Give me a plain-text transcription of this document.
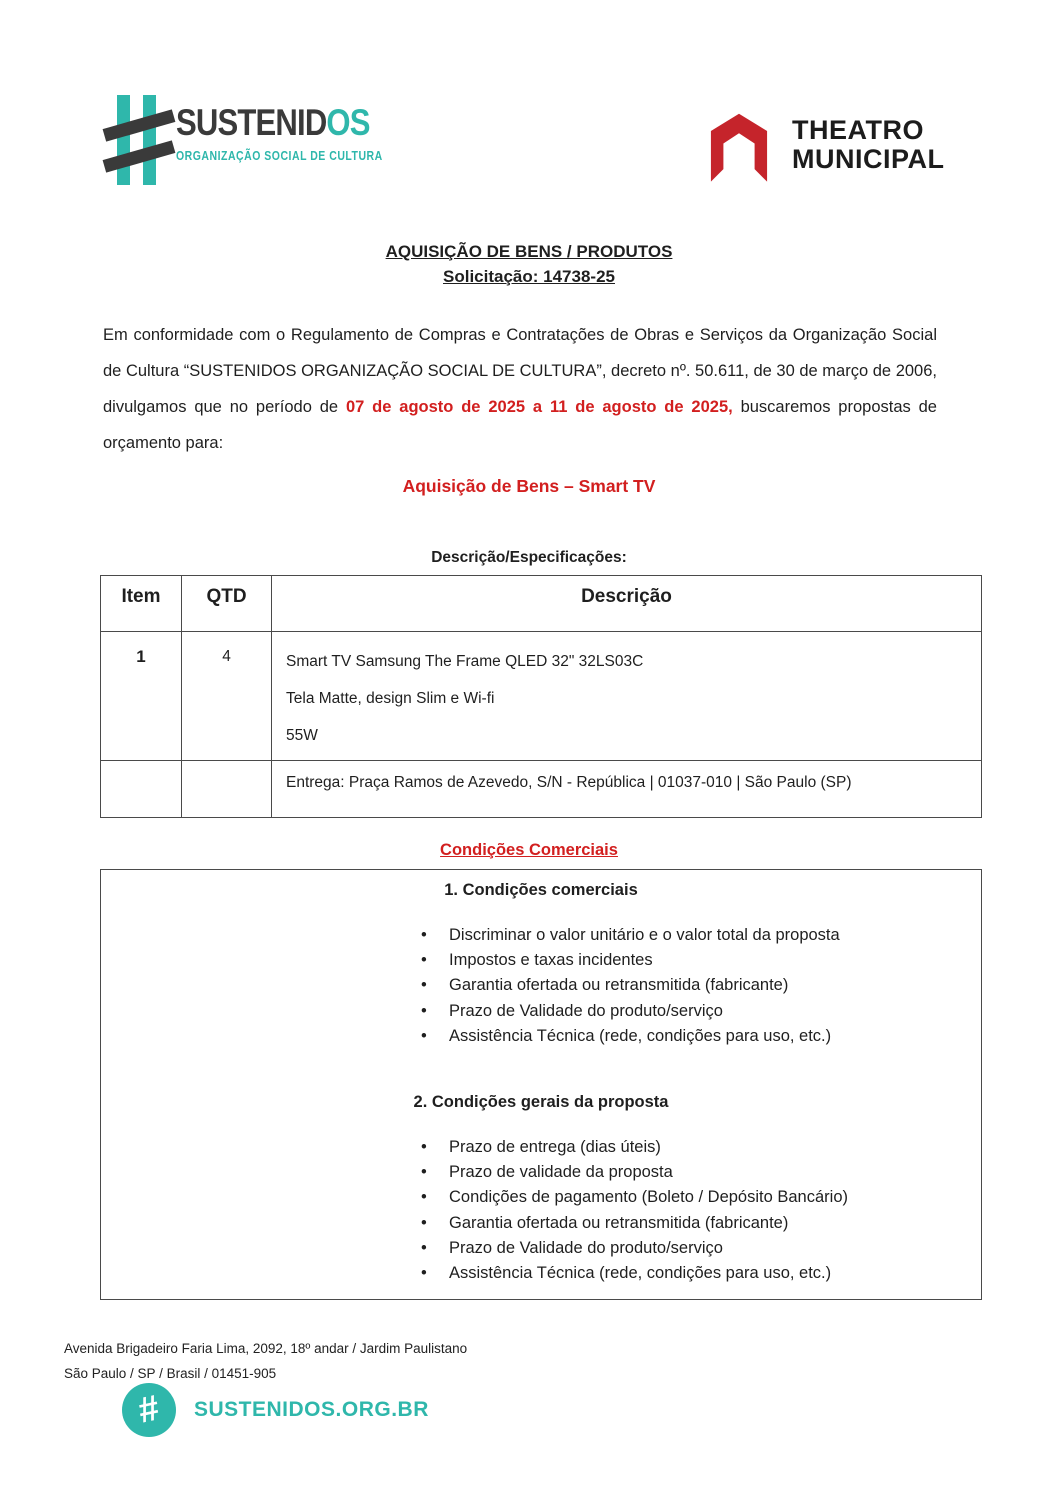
SUSTENIDOS
ORGANIZAÇÃO SOCIAL DE CULTURA
THEATRO
MUNICIPAL
AQUISIÇÃO DE BENS / PRODUTOS
Solicitação: 14738-25

Em conformidade com o Regulamento de Compras e Contratações de Obras e Serviços da Organização Social de Cultura “SUSTENIDOS ORGANIZAÇÃO SOCIAL DE CULTURA”, decreto nº. 50.611, de 30 de março de 2006, divulgamos que no período de 07 de agosto de 2025 a 11 de agosto de 2025, buscaremos propostas de orçamento para:

Aquisição de Bens – Smart TV
Descrição/Especificações:
Item	QTD	Descrição
1	4	Smart TV Samsung The Frame QLED 32" 32LS03C
Tela Matte, design Slim e Wi-fi
55W

		Entrega: Praça Ramos de Azevedo, S/N - República | 01037-010 | São Paulo (SP)
Condições Comerciais
1. Condições comerciais
• Discriminar o valor unitário e o valor total da proposta
• Impostos e taxas incidentes
• Garantia ofertada ou retransmitida (fabricante)
• Prazo de Validade do produto/serviço
• Assistência Técnica (rede, condições para uso, etc.)
2. Condições gerais da proposta
• Prazo de entrega (dias úteis)
• Prazo de validade da proposta
• Condições de pagamento (Boleto / Depósito Bancário)
• Garantia ofertada ou retransmitida (fabricante)
• Prazo de Validade do produto/serviço
• Assistência Técnica (rede, condições para uso, etc.)
Avenida Brigadeiro Faria Lima, 2092, 18º andar / Jardim Paulistano
São Paulo / SP / Brasil / 01451-905
# SUSTENIDOS.ORG.BR
